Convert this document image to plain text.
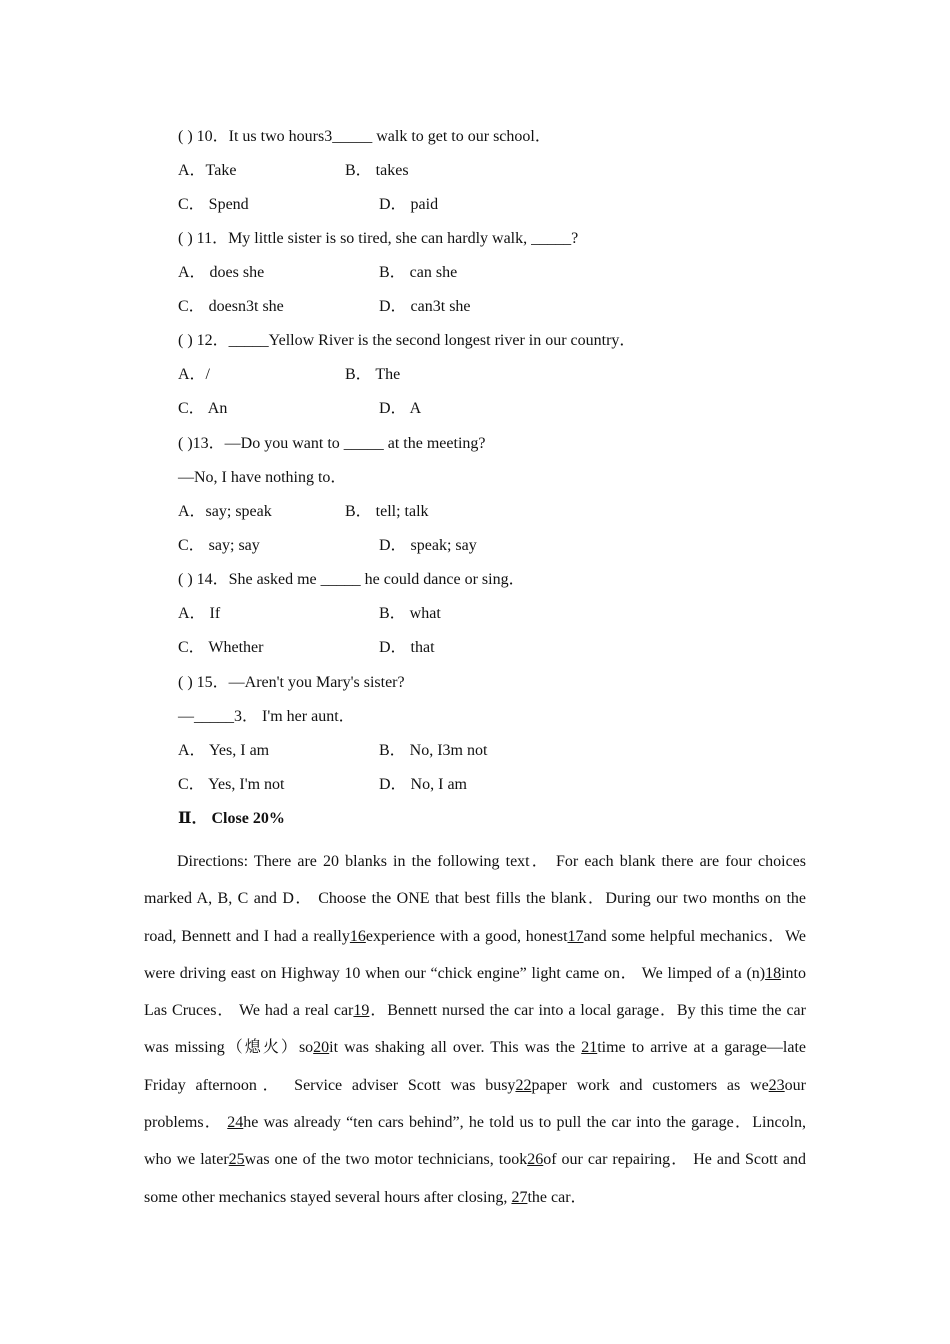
( ) 10．It us two hours3_____ walk to get to our school．
A．Take	B． takes
C． Spend	D． paid
( ) 11．My little sister is so tired, she can hardly walk, _____?
A． does she	B． can she
C． doesn3t she	D． can3t she
( ) 12．_____Yellow River is the second longest river in our country．
A．/	B． The
C． An	D． A
( )13．—Do you want to _____ at the meeting?
—No, I have nothing to．
A．say; speak	B． tell; talk
C． say; say	D． speak; say
( ) 14．She asked me _____ he could dance or sing．
A． If	B． what
C． Whether	D． that
( ) 15．—Aren't you Mary's sister?
—_____3． I'm her aunt．
A． Yes, I am	B． No, I3m not
C． Yes, I'm not	D． No, I am
Ⅱ． Close 20%
Directions: There are 20 blanks in the following text． For each blank there are four choices marked A, B, C and D． Choose the ONE that best fills the blank．During our two months on the road, Bennett and I had a really16experience with a good, honest17and some helpful mechanics．We were driving east on Highway 10 when our “chick engine” light came on． We limped of a (n)18into Las Cruces． We had a real car19．Bennett nursed the car into a local garage．By this time the car was missing（熄火）so20it was shaking all over. This was the 21time to arrive at a garage—late Friday afternoon． Service adviser Scott was busy22paper work and customers as we23our problems． 24he was already “ten cars behind”, he told us to pull the car into the garage．Lincoln, who we later25was one of the two motor technicians, took26of our car repairing． He and Scott and some other mechanics stayed several hours after closing, 27the car．
